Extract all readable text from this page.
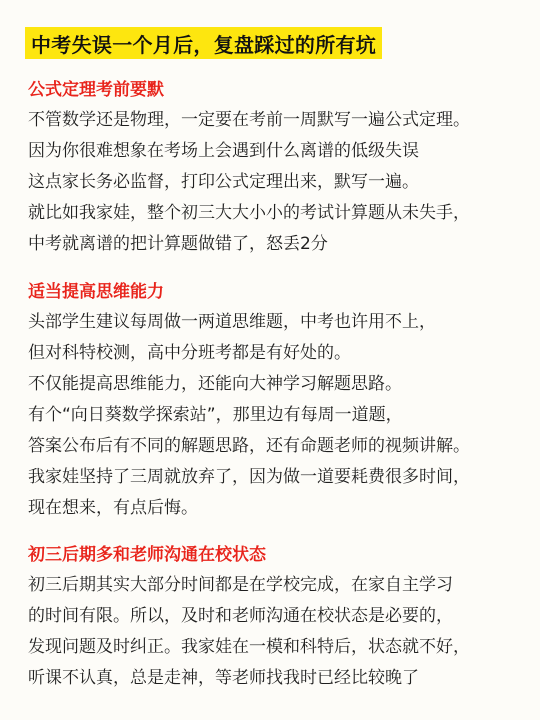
中考失误一个月后，复盘踩过的所有坑
公式定理考前要默
不管数学还是物理，一定要在考前一周默写一遍公式定理。
因为你很难想象在考场上会遇到什么离谱的低级失误
这点家长务必监督，打印公式定理出来，默写一遍。
就比如我家娃，整个初三大大小小的考试计算题从未失手，
中考就离谱的把计算题做错了，怒丢2分
适当提高思维能力
头部学生建议每周做一两道思维题，中考也许用不上，
但对科特校测，高中分班考都是有好处的。
不仅能提高思维能力，还能向大神学习解题思路。
有个“向日葵数学探索站”，那里边有每周一道题，
答案公布后有不同的解题思路，还有命题老师的视频讲解。
我家娃坚持了三周就放弃了，因为做一道要耗费很多时间，
现在想来，有点后悔。
初三后期多和老师沟通在校状态
初三后期其实大部分时间都是在学校完成，在家自主学习
的时间有限。所以，及时和老师沟通在校状态是必要的，
发现问题及时纠正。我家娃在一模和科特后，状态就不好，
听课不认真，总是走神，等老师找我时已经比较晚了
